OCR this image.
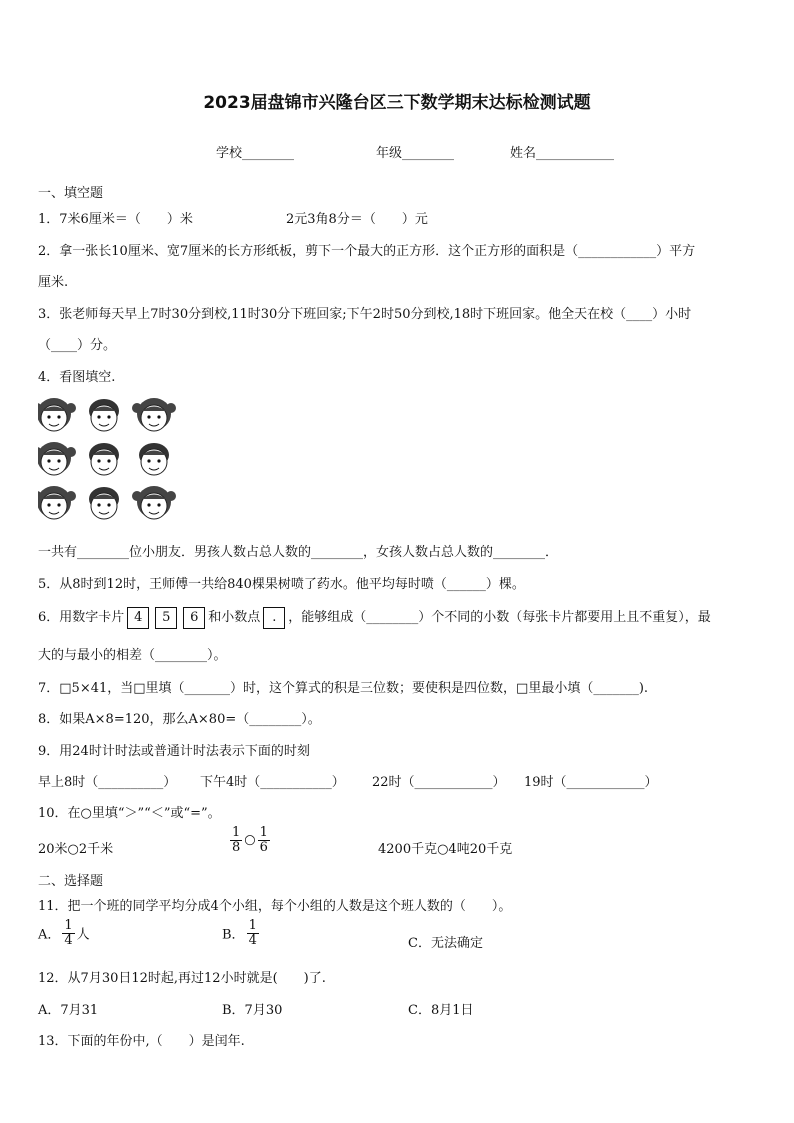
2023届盘锦市兴隆台区三下数学期末达标检测试题
学校________	年级________	姓名____________
一、填空题
1．7米6厘米＝（　　）米	2元3角8分＝（　　）元
2．拿一张长10厘米、宽7厘米的长方形纸板，剪下一个最大的正方形．这个正方形的面积是（____________）平方
厘米.
3．张老师每天早上7时30分到校,11时30分下班回家;下午2时50分到校,18时下班回家。他全天在校（____）小时
（____）分。
4．看图填空.
一共有________位小朋友．男孩人数占总人数的________，女孩人数占总人数的________．
5．从8时到12时，王师傅一共给840棵果树喷了药水。他平均每时喷（______）棵。
6．用数字卡片 4 5 6 和小数点 . ，能够组成（________）个不同的小数（每张卡片都要用上且不重复），最
大的与最小的相差（________）。
7．□5×41，当□里填（_______）时，这个算式的积是三位数；要使积是四位数，□里最小填（_______).
8．如果A×8=120，那么A×80=（________）。
9．用24时计时法或普通计时法表示下面的时刻
早上8时（__________） 下午4时（___________） 22时（____________） 19时（____________）
10．在○里填“＞”“＜”或“=”。
20米○2千米	$\frac{1}{8}$ ○ $\frac{1}{6}$	4200千克○4吨20千克
二、选择题
11．把一个班的同学平均分成4个小组，每个小组的人数是这个班人数的（　　）。
A． $\frac{1}{4}$ 人	B． $\frac{1}{4}$	C．无法确定
12．从7月30日12时起,再过12小时就是(　　)了.
A．7月31	B．7月30	C．8月1日
13．下面的年份中,（　　）是闰年.
